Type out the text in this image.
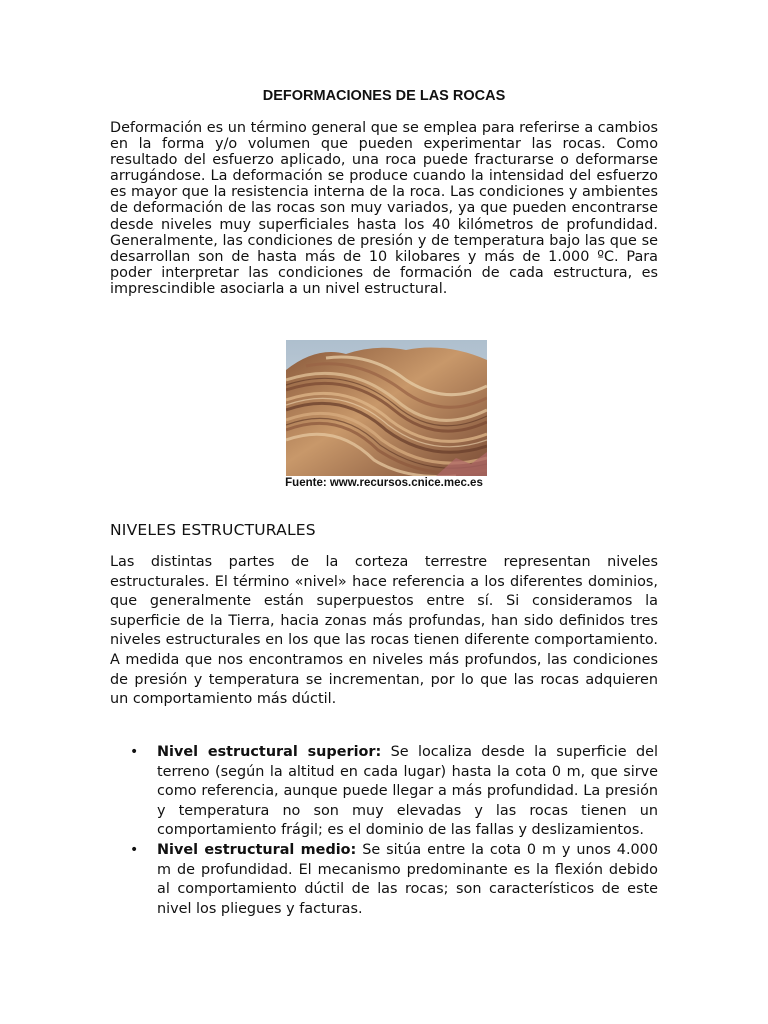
DEFORMACIONES DE LAS ROCAS

Deformación es un término general que se emplea para referirse a cambios en la forma y/o volumen que pueden experimentar las rocas. Como resultado del esfuerzo aplicado, una roca puede fracturarse o deformarse arrugándose. La deformación se produce cuando la intensidad del esfuerzo es mayor que la resistencia interna de la roca. Las condiciones y ambientes de deformación de las rocas son muy variados, ya que pueden encontrarse desde niveles muy superficiales hasta los 40 kilómetros de profundidad. Generalmente, las condiciones de presión y de temperatura bajo las que se desarrollan son de hasta más de 10 kilobares y más de 1.000 ºC. Para poder interpretar las condiciones de formación de cada estructura, es imprescindible asociarla a un nivel estructural.

Fuente: www.recursos.cnice.mec.es

NIVELES ESTRUCTURALES

Las distintas partes de la corteza terrestre representan niveles estructurales. El término «nivel» hace referencia a los diferentes dominios, que generalmente están superpuestos entre sí. Si consideramos la superficie de la Tierra, hacia zonas más profundas, han sido definidos tres niveles estructurales en los que las rocas tienen diferente comportamiento. A medida que nos encontramos en niveles más profundos, las condiciones de presión y temperatura se incrementan, por lo que las rocas adquieren un comportamiento más dúctil.

• Nivel estructural superior: Se localiza desde la superficie del terreno (según la altitud en cada lugar) hasta la cota 0 m, que sirve como referencia, aunque puede llegar a más profundidad. La presión y temperatura no son muy elevadas y las rocas tienen un comportamiento frágil; es el dominio de las fallas y deslizamientos.
• Nivel estructural medio: Se sitúa entre la cota 0 m y unos 4.000 m de profundidad. El mecanismo predominante es la flexión debido al comportamiento dúctil de las rocas; son característicos de este nivel los pliegues y facturas.
